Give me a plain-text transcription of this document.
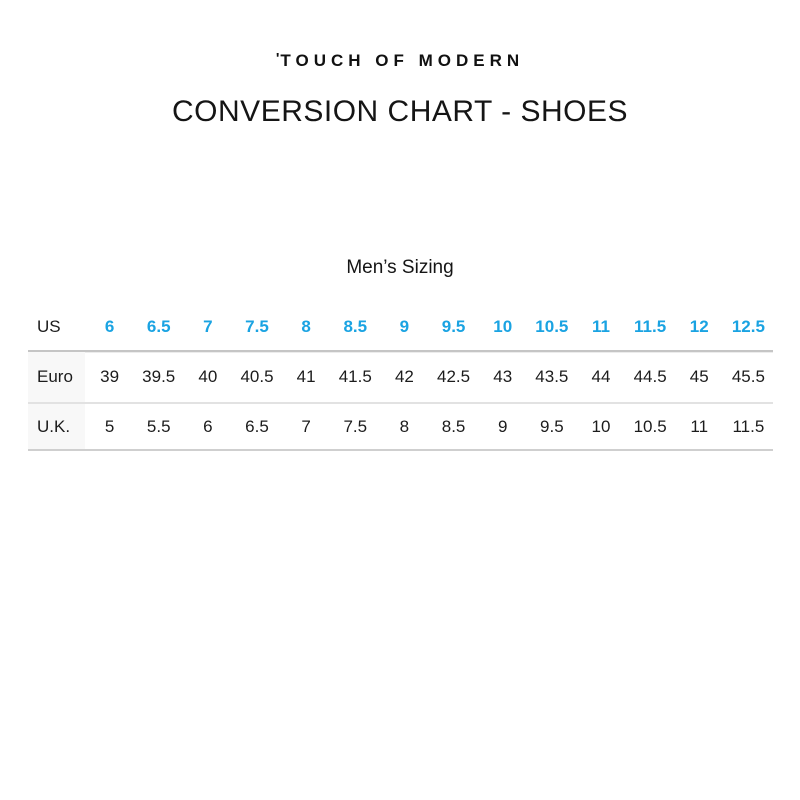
'TOUCH OF MODERN
CONVERSION CHART - SHOES
Men’s Sizing
US	6	6.5	7	7.5	8	8.5	9	9.5	10	10.5	11	11.5	12	12.5
Euro	39	39.5	40	40.5	41	41.5	42	42.5	43	43.5	44	44.5	45	45.5
U.K.	5	5.5	6	6.5	7	7.5	8	8.5	9	9.5	10	10.5	11	11.5
